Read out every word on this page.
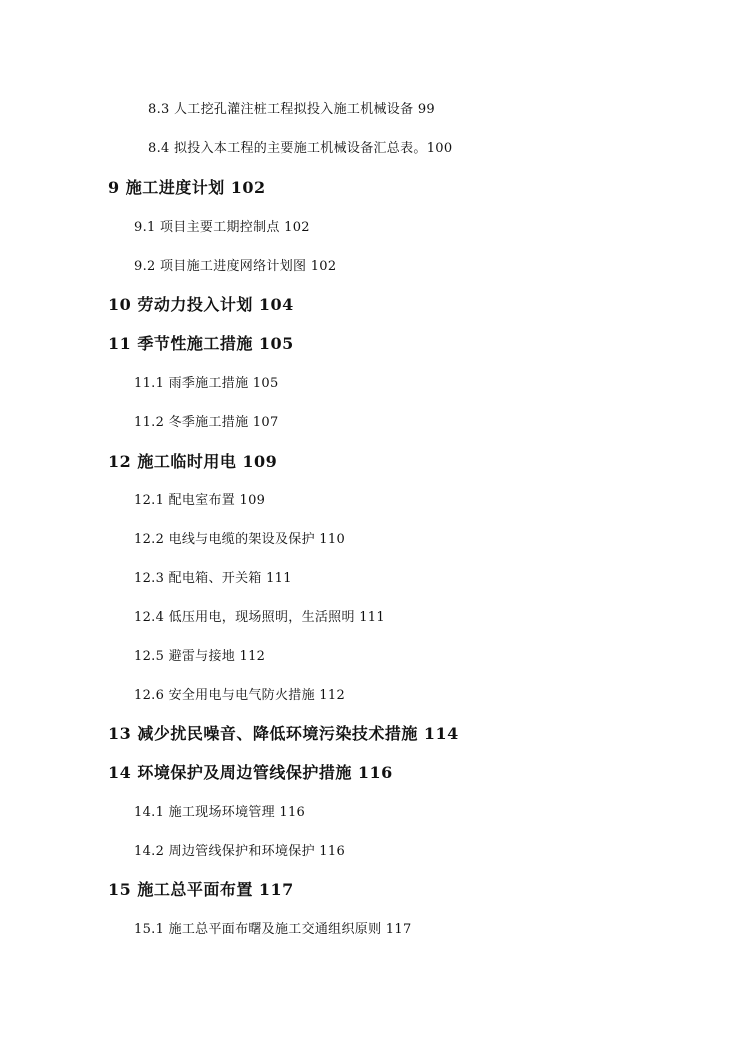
8.3 人工挖孔灌注桩工程拟投入施工机械设备 99
8.4 拟投入本工程的主要施工机械设备汇总表。100
9 施工进度计划 102
9.1 项目主要工期控制点 102
9.2 项目施工进度网络计划图 102
10 劳动力投入计划 104
11 季节性施工措施 105
11.1 雨季施工措施 105
11.2 冬季施工措施 107
12 施工临时用电 109
12.1 配电室布置 109
12.2 电线与电缆的架设及保护 110
12.3 配电箱、开关箱 111
12.4 低压用电，现场照明，生活照明 111
12.5 避雷与接地 112
12.6 安全用电与电气防火措施 112
13 减少扰民噪音、降低环境污染技术措施 114
14 环境保护及周边管线保护措施 116
14.1 施工现场环境管理 116
14.2 周边管线保护和环境保护 116
15 施工总平面布置 117
15.1 施工总平面布曙及施工交通组织原则 117
